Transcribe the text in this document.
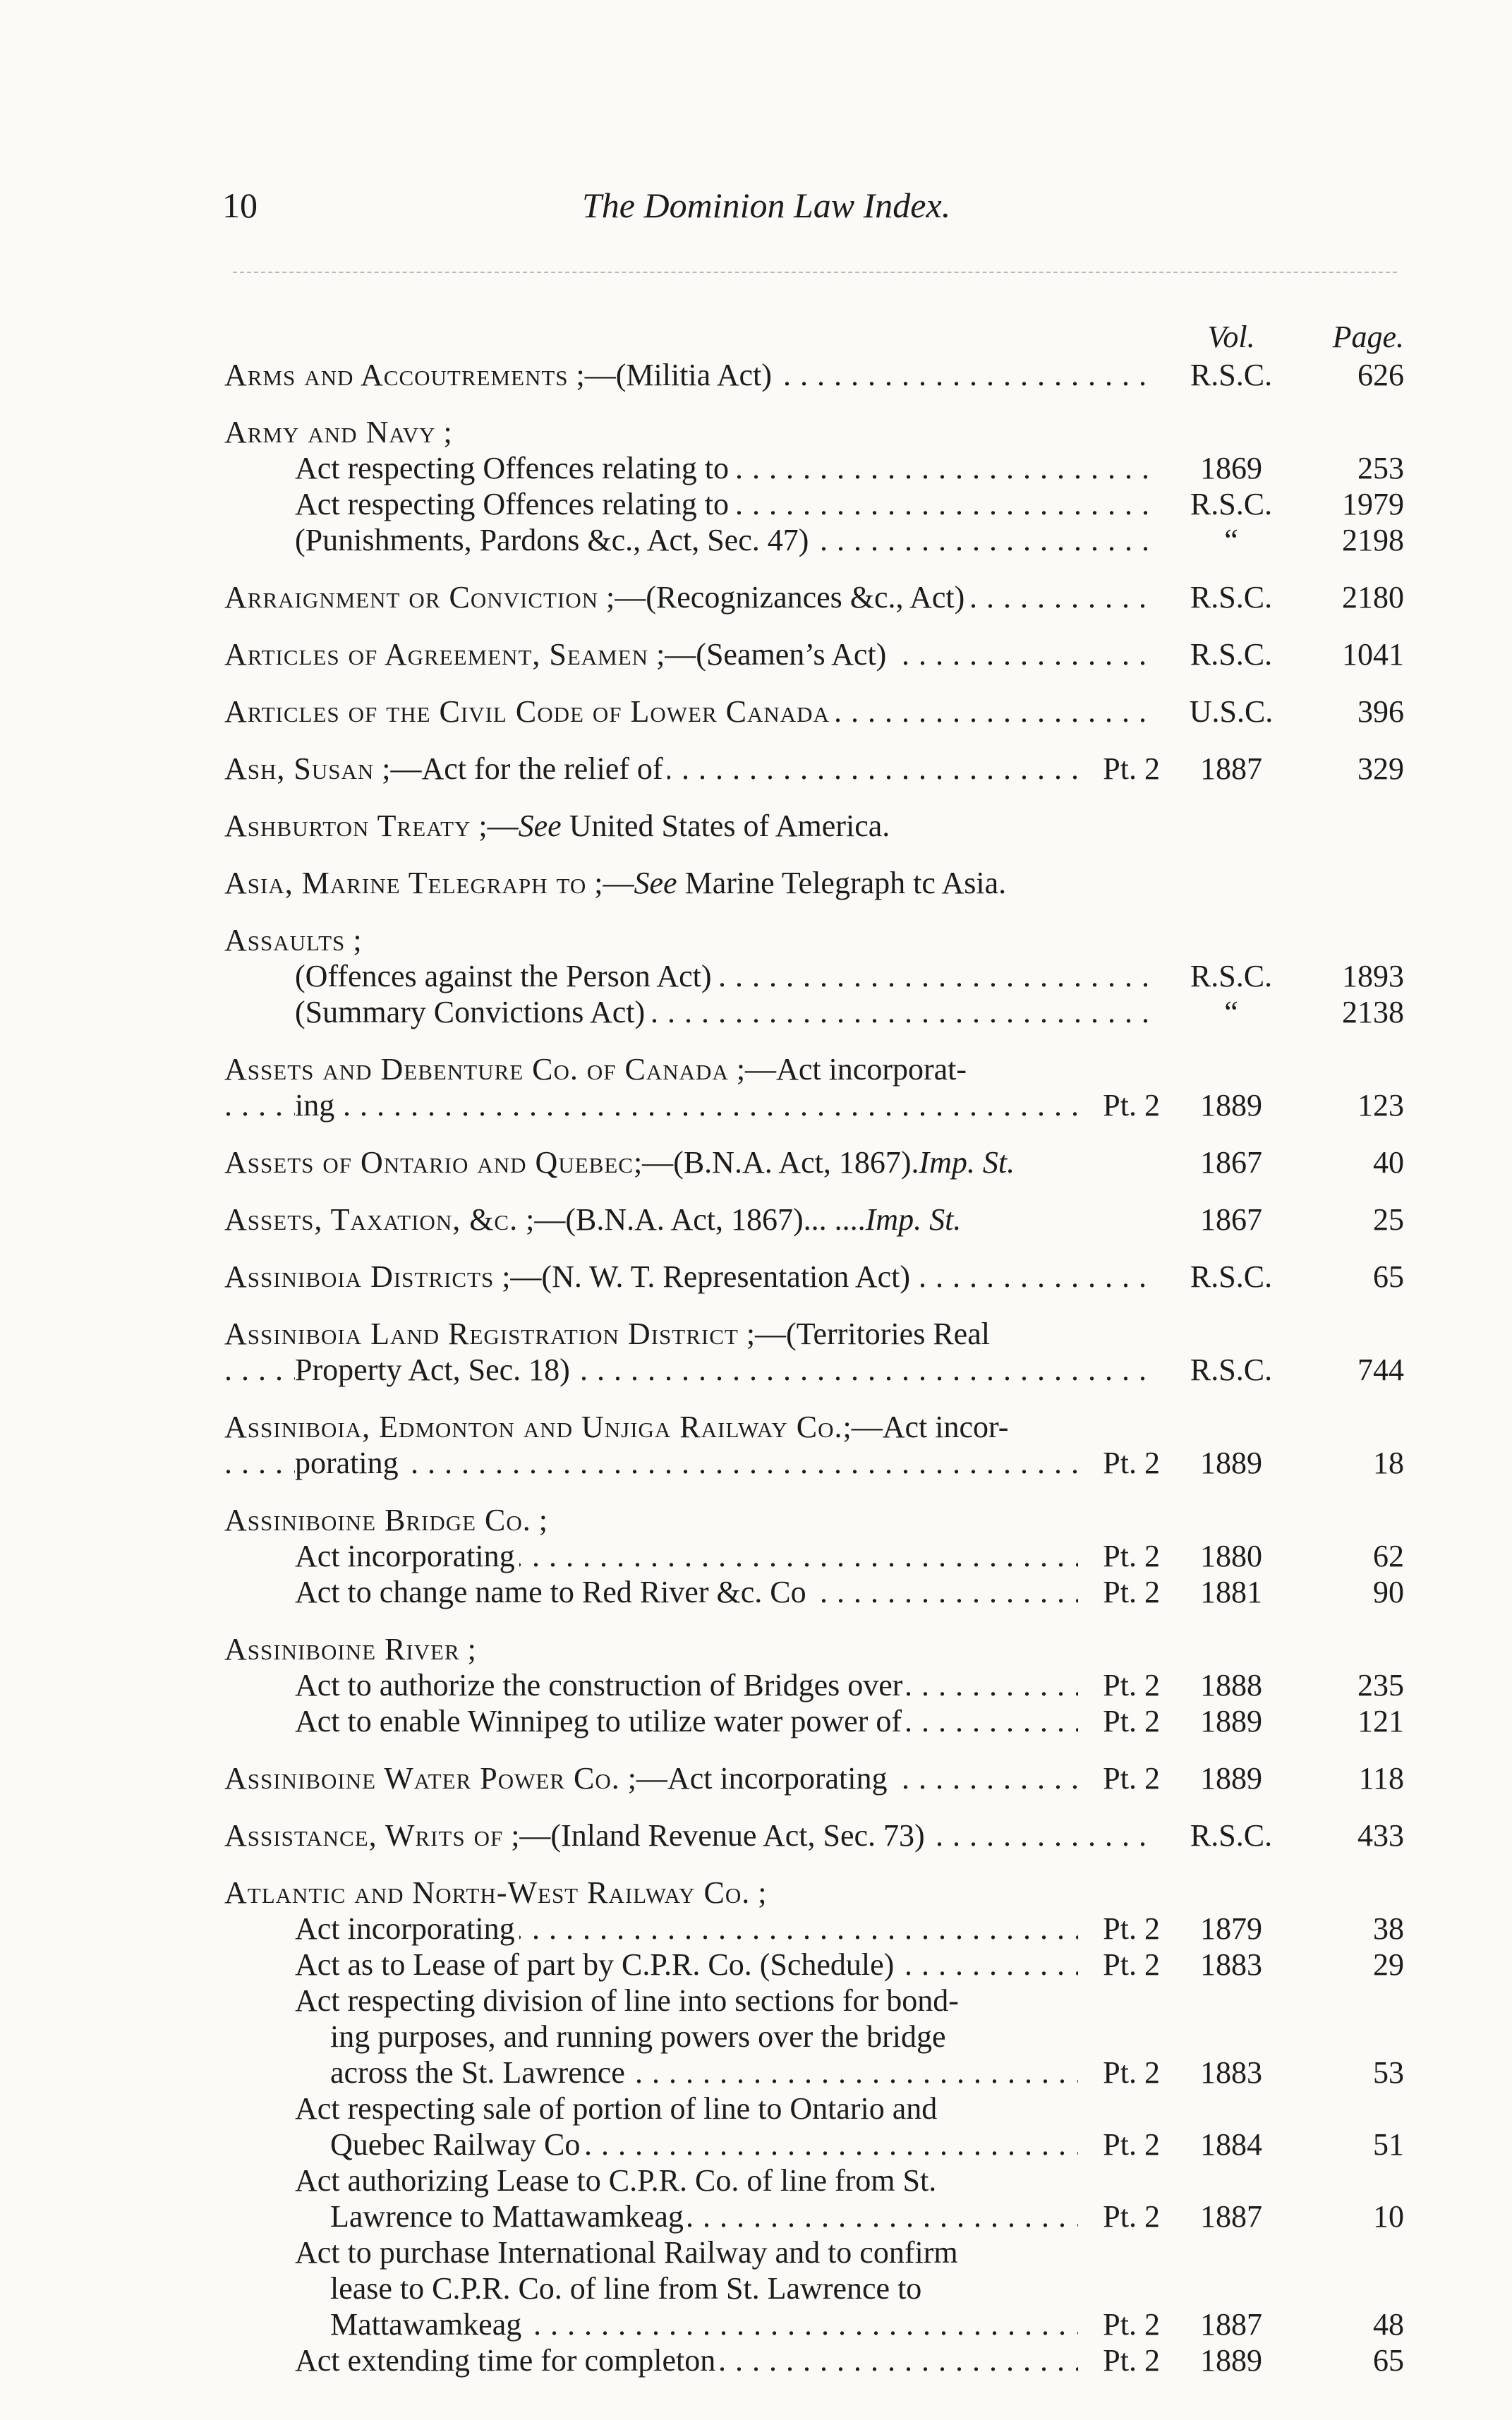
10	The Dominion Law Index.
Vol.	Page.
Arms and Accoutrements ;—(Militia Act) . . .	R.S.C.	626
Army and Navy ;
Act respecting Offences relating to . . .	1869	253
Act respecting Offences relating to . . .	R.S.C.	1979
(Punishments, Pardons &c., Act, Sec. 47) . . .	“	2198
Arraignment or Conviction ;—(Recognizances &c., Act) . . .	R.S.C.	2180
Articles of Agreement, Seamen ;—(Seamen’s Act) . . .	R.S.C.	1041
Articles of the Civil Code of Lower Canada . . .	U.S.C.	396
Ash, Susan ;—Act for the relief of . . .	Pt. 2	1887	329
Ashburton Treaty ;—See United States of America.
Asia, Marine Telegraph to ;—See Marine Telegraph tc Asia.
Assaults ;
(Offences against the Person Act) . . .	R.S.C.	1893
(Summary Convictions Act) . . .	“	2138
Assets and Debenture Co. of Canada ;—Act incorporat-
ing . . .	Pt. 2	1889	123
Assets of Ontario and Quebec;—(B.N.A. Act, 1867).Imp. St.	1867	40
Assets, Taxation, &c. ;—(B.N.A. Act, 1867)... ....Imp. St.	1867	25
Assiniboia Districts ;—(N. W. T. Representation Act) . . .	R.S.C.	65
Assiniboia Land Registration District ;—(Territories Real
Property Act, Sec. 18) . . .	R.S.C.	744
Assiniboia, Edmonton and Unjiga Railway Co.;—Act incor-
porating . . .	Pt. 2	1889	18
Assiniboine Bridge Co. ;
Act incorporating . . .	Pt. 2	1880	62
Act to change name to Red River &c. Co . . .	Pt. 2	1881	90
Assiniboine River ;
Act to authorize the construction of Bridges over . . .	Pt. 2	1888	235
Act to enable Winnipeg to utilize water power of . . .	Pt. 2	1889	121
Assiniboine Water Power Co. ;—Act incorporating . . .	Pt. 2	1889	118
Assistance, Writs of ;—(Inland Revenue Act, Sec. 73) . . .	R.S.C.	433
Atlantic and North-West Railway Co. ;
Act incorporating . . .	Pt. 2	1879	38
Act as to Lease of part by C.P.R. Co. (Schedule) . . .	Pt. 2	1883	29
Act respecting division of line into sections for bond-
ing purposes, and running powers over the bridge
across the St. Lawrence . . .	Pt. 2	1883	53
Act respecting sale of portion of line to Ontario and
Quebec Railway Co . . .	Pt. 2	1884	51
Act authorizing Lease to C.P.R. Co. of line from St.
Lawrence to Mattawamkeag . . .	Pt. 2	1887	10
Act to purchase International Railway and to confirm
lease to C.P.R. Co. of line from St. Lawrence to
Mattawamkeag . . .	Pt. 2	1887	48
Act extending time for completon . . .	Pt. 2	1889	65
